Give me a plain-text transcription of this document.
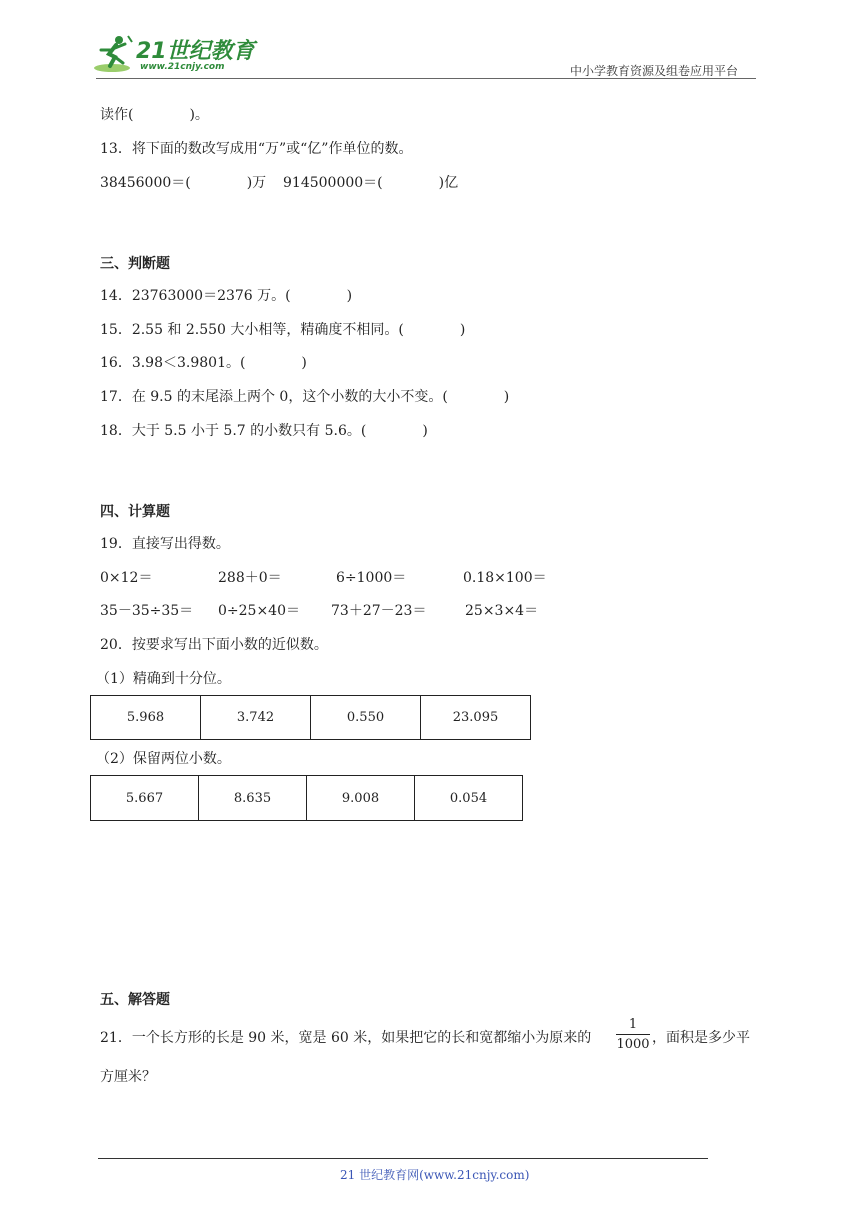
21世纪教育
www.21cnjy.com	中小学教育资源及组卷应用平台
读作(　　　　)。
13．将下面的数改写成用“万”或“亿”作单位的数。
38456000＝(　　　　)万 914500000＝(　　　　)亿
三、判断题
14．23763000＝2376 万。(　　　　)
15．2.55 和 2.550 大小相等，精确度不相同。(　　　　)
16．3.98＜3.9801。(　　　　)
17．在 9.5 的末尾添上两个 0，这个小数的大小不变。(　　　　)
18．大于 5.5 小于 5.7 的小数只有 5.6。(　　　　)
四、计算题
19．直接写出得数。
0×12＝	288＋0＝	6÷1000＝	0.18×100＝
35－35÷35＝ 0÷25×40＝ 73＋27－23＝	25×3×4＝
20．按要求写出下面小数的近似数。
（1）精确到十分位。
5.968	3.742	0.550	23.095
（2）保留两位小数。
5.667	8.635	9.008	0.054
五、解答题
21．一个长方形的长是 90 米，宽是 60 米，如果把它的长和宽都缩小为原来的
1
1000 ，面积是多少平
方厘米？
21 世纪教育网(www.21cnjy.com)
